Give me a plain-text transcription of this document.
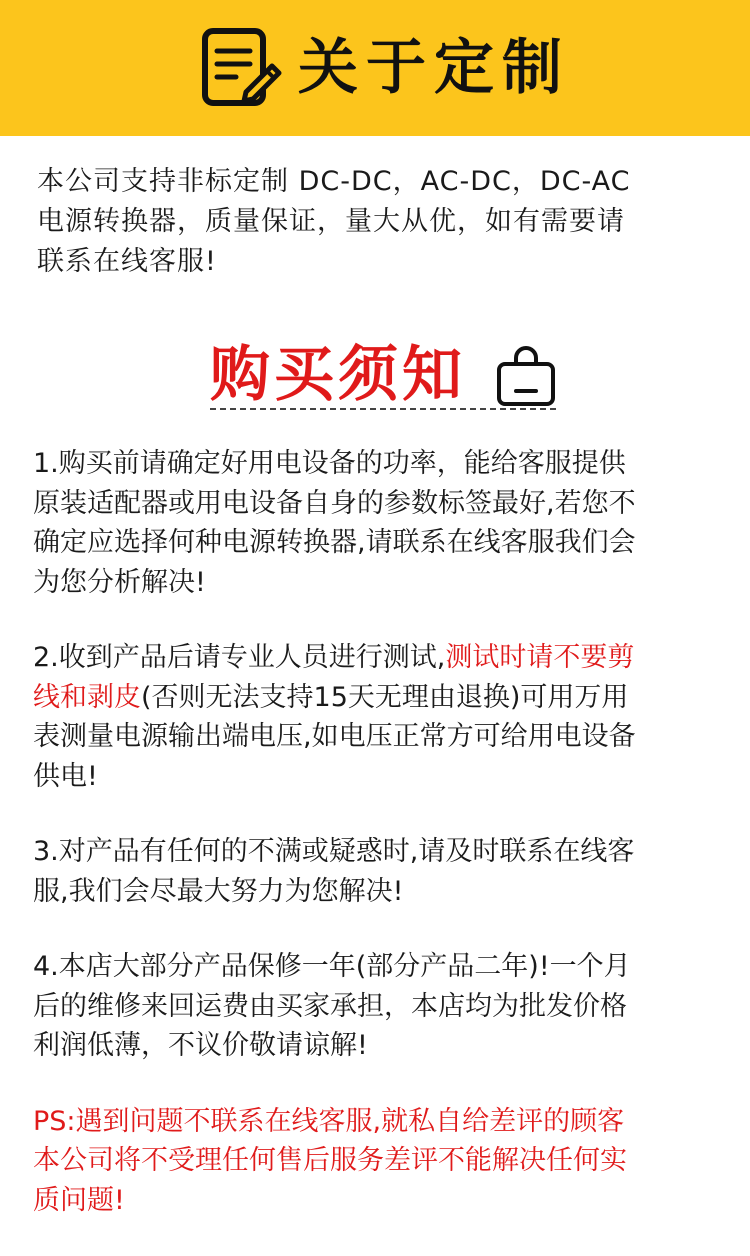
关于定制

本公司支持非标定制 DC-DC，AC-DC，DC-AC
电源转换器，质量保证，量大从优，如有需要请
联系在线客服!

购买须知

1.购买前请确定好用电设备的功率，能给客服提供
原装适配器或用电设备自身的参数标签最好,若您不
确定应选择何种电源转换器,请联系在线客服我们会
为您分析解决!

2.收到产品后请专业人员进行测试,测试时请不要剪
线和剥皮(否则无法支持15天无理由退换)可用万用
表测量电源输出端电压,如电压正常方可给用电设备
供电!

3.对产品有任何的不满或疑惑时,请及时联系在线客
服,我们会尽最大努力为您解决!

4.本店大部分产品保修一年(部分产品二年)!一个月
后的维修来回运费由买家承担，本店均为批发价格
利润低薄，不议价敬请谅解!

PS:遇到问题不联系在线客服,就私自给差评的顾客
本公司将不受理任何售后服务差评不能解决任何实
质问题!
